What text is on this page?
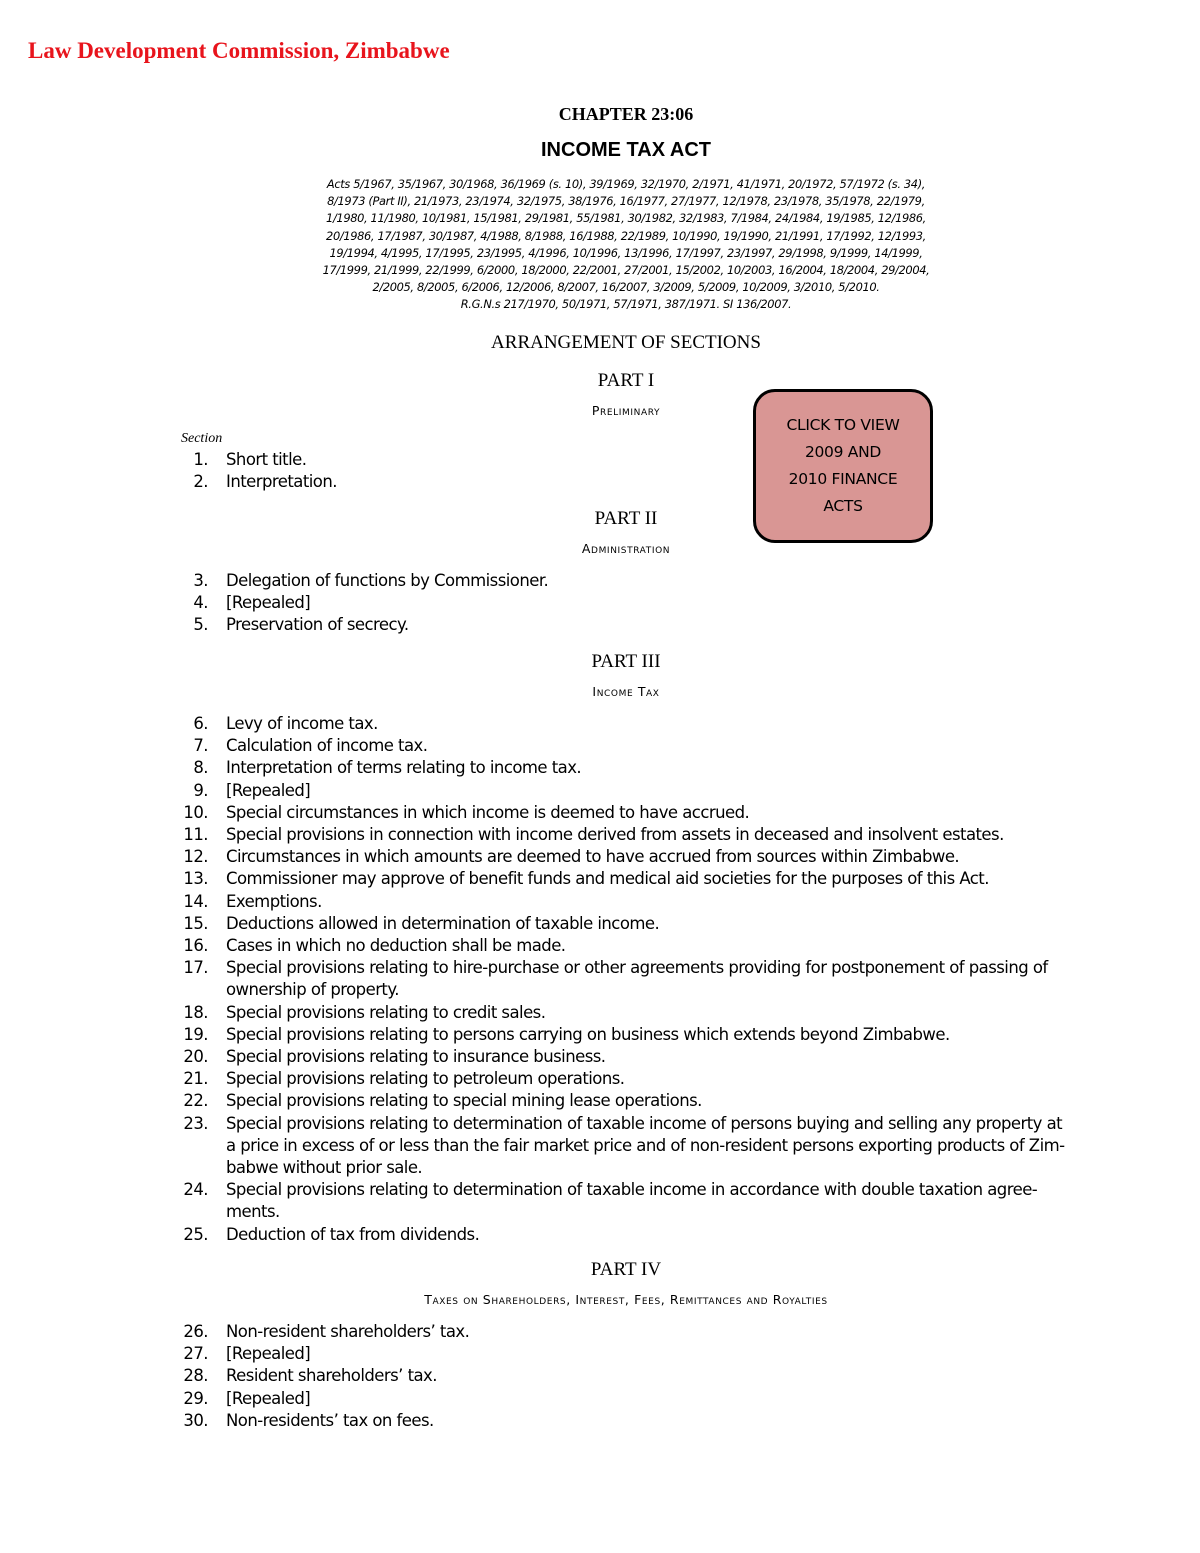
Law Development Commission, Zimbabwe
CHAPTER 23:06
INCOME TAX ACT
Acts 5/1967, 35/1967, 30/1968, 36/1969 (s. 10), 39/1969, 32/1970, 2/1971, 41/1971, 20/1972, 57/1972 (s. 34),
8/1973 (Part II), 21/1973, 23/1974, 32/1975, 38/1976, 16/1977, 27/1977, 12/1978, 23/1978, 35/1978, 22/1979,
1/1980, 11/1980, 10/1981, 15/1981, 29/1981, 55/1981, 30/1982, 32/1983, 7/1984, 24/1984, 19/1985, 12/1986,
20/1986, 17/1987, 30/1987, 4/1988, 8/1988, 16/1988, 22/1989, 10/1990, 19/1990, 21/1991, 17/1992, 12/1993,
19/1994, 4/1995, 17/1995, 23/1995, 4/1996, 10/1996, 13/1996, 17/1997, 23/1997, 29/1998, 9/1999, 14/1999,
17/1999, 21/1999, 22/1999, 6/2000, 18/2000, 22/2001, 27/2001, 15/2002, 10/2003, 16/2004, 18/2004, 29/2004,
2/2005, 8/2005, 6/2006, 12/2006, 8/2007, 16/2007, 3/2009, 5/2009, 10/2009, 3/2010, 5/2010.
R.G.N.s 217/1970, 50/1971, 57/1971, 387/1971. SI 136/2007.
ARRANGEMENT OF SECTIONS
PART I
Preliminary
Section
CLICK TO VIEW
2009 AND
2010 FINANCE
ACTS
PART II
Administration
PART III
Income Tax
PART IV
Taxes on Shareholders, Interest, Fees, Remittances and Royalties
1. Short title.
2. Interpretation.
3. Delegation of functions by Commissioner.
4. [Repealed]
5. Preservation of secrecy.
6. Levy of income tax.
7. Calculation of income tax.
8. Interpretation of terms relating to income tax.
9. [Repealed]
10. Special circumstances in which income is deemed to have accrued.
11. Special provisions in connection with income derived from assets in deceased and insolvent estates.
12. Circumstances in which amounts are deemed to have accrued from sources within Zimbabwe.
13. Commissioner may approve of benefit funds and medical aid societies for the purposes of this Act.
14. Exemptions.
15. Deductions allowed in determination of taxable income.
16. Cases in which no deduction shall be made.
17. Special provisions relating to hire-purchase or other agreements providing for postponement of passing of
ownership of property.
18. Special provisions relating to credit sales.
19. Special provisions relating to persons carrying on business which extends beyond Zimbabwe.
20. Special provisions relating to insurance business.
21. Special provisions relating to petroleum operations.
22. Special provisions relating to special mining lease operations.
23. Special provisions relating to determination of taxable income of persons buying and selling any property at
a price in excess of or less than the fair market price and of non-resident persons exporting products of Zim-
babwe without prior sale.
24. Special provisions relating to determination of taxable income in accordance with double taxation agree-
ments.
25. Deduction of tax from dividends.
26. Non-resident shareholders’ tax.
27. [Repealed]
28. Resident shareholders’ tax.
29. [Repealed]
30. Non-residents’ tax on fees.
